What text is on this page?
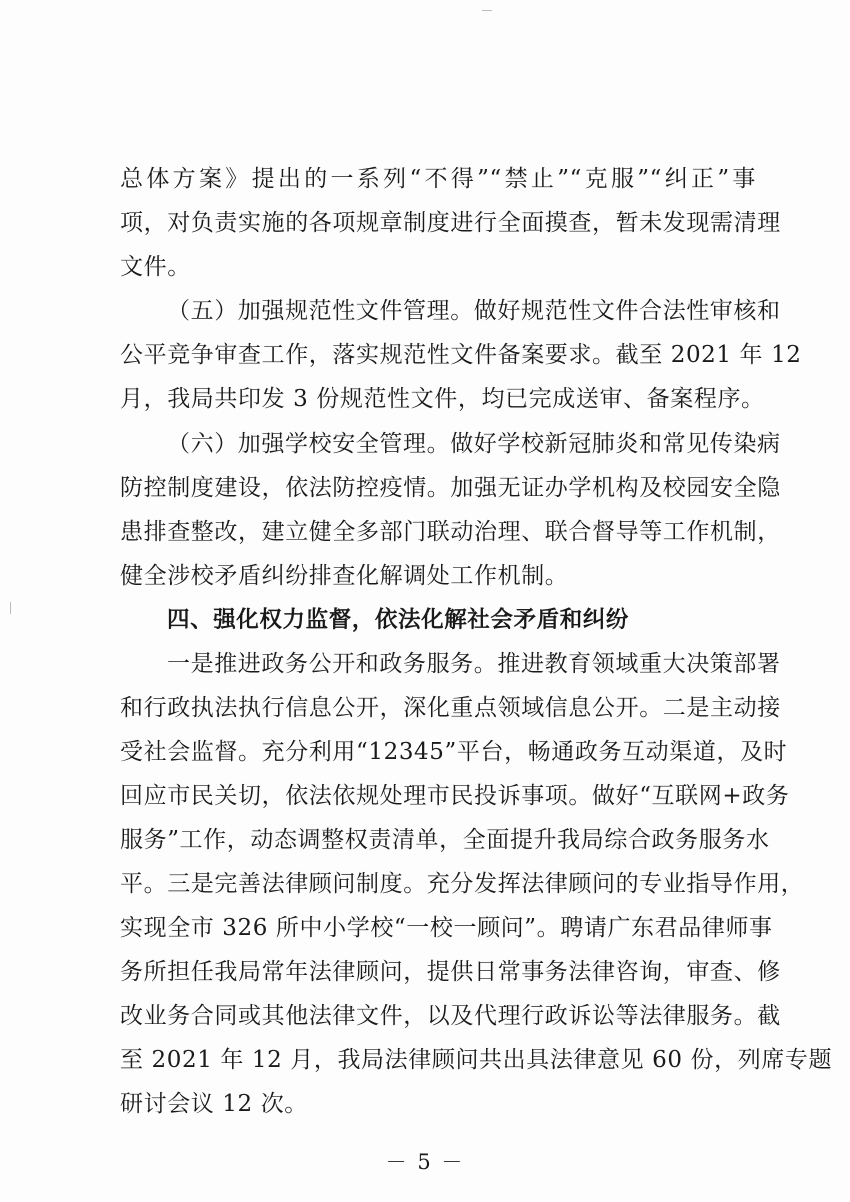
总体方案》提出的一系列“不得”“禁止”“克服”“纠正”事
项，对负责实施的各项规章制度进行全面摸查，暂未发现需清理
文件。
（五）加强规范性文件管理。做好规范性文件合法性审核和
公平竞争审查工作，落实规范性文件备案要求。截至 2021 年 12
月，我局共印发 3 份规范性文件，均已完成送审、备案程序。
（六）加强学校安全管理。做好学校新冠肺炎和常见传染病
防控制度建设，依法防控疫情。加强无证办学机构及校园安全隐
患排查整改，建立健全多部门联动治理、联合督导等工作机制，
健全涉校矛盾纠纷排查化解调处工作机制。
四、强化权力监督，依法化解社会矛盾和纠纷
一是推进政务公开和政务服务。推进教育领域重大决策部署
和行政执法执行信息公开，深化重点领域信息公开。二是主动接
受社会监督。充分利用“12345”平台，畅通政务互动渠道，及时
回应市民关切，依法依规处理市民投诉事项。做好“互联网+政务
服务”工作，动态调整权责清单，全面提升我局综合政务服务水
平。三是完善法律顾问制度。充分发挥法律顾问的专业指导作用，
实现全市 326 所中小学校“一校一顾问”。聘请广东君品律师事
务所担任我局常年法律顾问，提供日常事务法律咨询，审查、修
改业务合同或其他法律文件，以及代理行政诉讼等法律服务。截
至 2021 年 12 月，我局法律顾问共出具法律意见 60 份，列席专题
研讨会议 12 次。
－ 5 －
